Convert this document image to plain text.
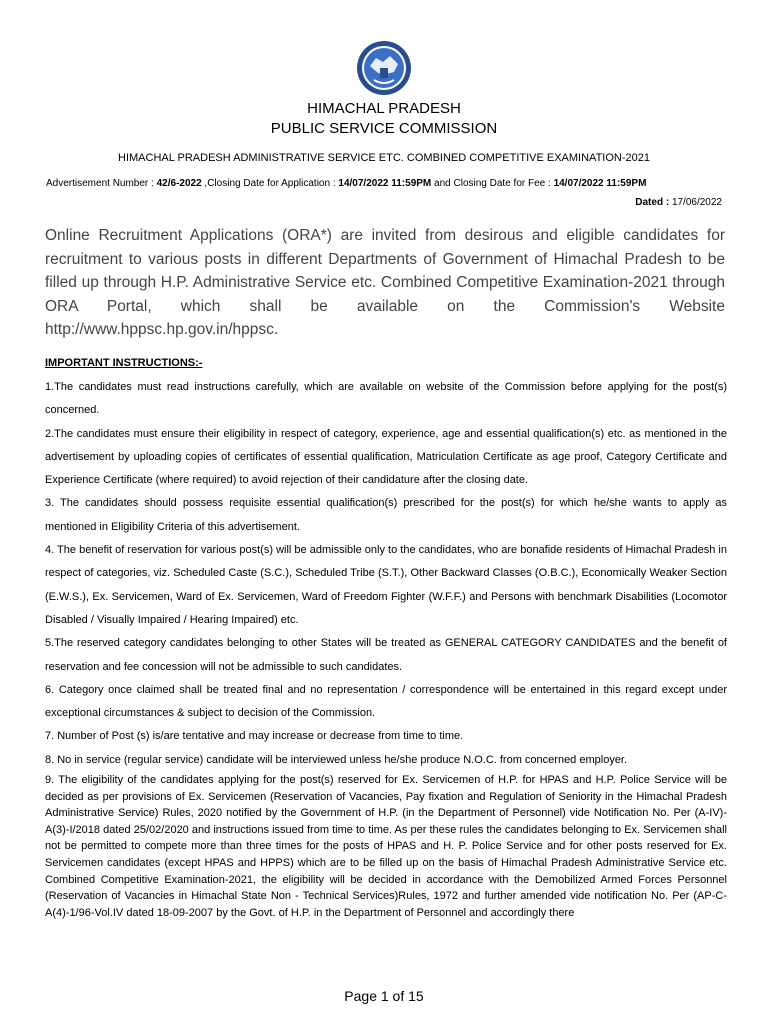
HIMACHAL PRADESH
PUBLIC SERVICE COMMISSION
HIMACHAL PRADESH ADMINISTRATIVE SERVICE ETC. COMBINED COMPETITIVE EXAMINATION-2021
Advertisement Number : 42/6-2022 ,Closing Date for Application : 14/07/2022 11:59PM and Closing Date for Fee : 14/07/2022 11:59PM
Dated : 17/06/2022
Online Recruitment Applications (ORA*) are invited from desirous and eligible candidates for recruitment to various posts in different Departments of Government of Himachal Pradesh to be filled up through H.P. Administrative Service etc. Combined Competitive Examination-2021 through ORA Portal, which shall be available on the Commission's Website http://www.hppsc.hp.gov.in/hppsc.
IMPORTANT INSTRUCTIONS:-

1.The candidates must read instructions carefully, which are available on website of the Commission before applying for the post(s) concerned.

2.The candidates must ensure their eligibility in respect of category, experience, age and essential qualification(s) etc. as mentioned in the advertisement by uploading copies of certificates of essential qualification, Matriculation Certificate as age proof, Category Certificate and Experience Certificate (where required) to avoid rejection of their candidature after the closing date.

3. The candidates should possess requisite essential qualification(s) prescribed for the post(s) for which he/she wants to apply as mentioned in Eligibility Criteria of this advertisement.

4. The benefit of reservation for various post(s) will be admissible only to the candidates, who are bonafide residents of Himachal Pradesh in respect of categories, viz. Scheduled Caste (S.C.), Scheduled Tribe (S.T.), Other Backward Classes (O.B.C.), Economically Weaker Section (E.W.S.), Ex. Servicemen, Ward of Ex. Servicemen, Ward of Freedom Fighter (W.F.F.) and Persons with benchmark Disabilities (Locomotor Disabled / Visually Impaired / Hearing Impaired) etc.

5.The reserved category candidates belonging to other States will be treated as GENERAL CATEGORY CANDIDATES and the benefit of reservation and fee concession will not be admissible to such candidates.

6. Category once claimed shall be treated final and no representation / correspondence will be entertained in this regard except under exceptional circumstances & subject to decision of the Commission.

7. Number of Post (s) is/are tentative and may increase or decrease from time to time.

8. No in service (regular service) candidate will be interviewed unless he/she produce N.O.C. from concerned employer.

9. The eligibility of the candidates applying for the post(s) reserved for Ex. Servicemen of H.P. for HPAS and H.P. Police Service will be decided as per provisions of Ex. Servicemen (Reservation of Vacancies, Pay fixation and Regulation of Seniority in the Himachal Pradesh Administrative Service) Rules, 2020 notified by the Government of H.P. (in the Department of Personnel) vide Notification No. Per (A-IV)-A(3)-I/2018 dated 25/02/2020 and instructions issued from time to time. As per these rules the candidates belonging to Ex. Servicemen shall not be permitted to compete more than three times for the posts of HPAS and H. P. Police Service and for other posts reserved for Ex. Servicemen candidates (except HPAS and HPPS) which are to be filled up on the basis of Himachal Pradesh Administrative Service etc. Combined Competitive Examination-2021, the eligibility will be decided in accordance with the Demobilized Armed Forces Personnel (Reservation of Vacancies in Himachal State Non - Technical Services)Rules, 1972 and further amended vide notification No. Per (AP-C-A(4)-1/96-Vol.IV dated 18-09-2007 by the Govt. of H.P. in the Department of Personnel and accordingly there

Page 1 of 15
